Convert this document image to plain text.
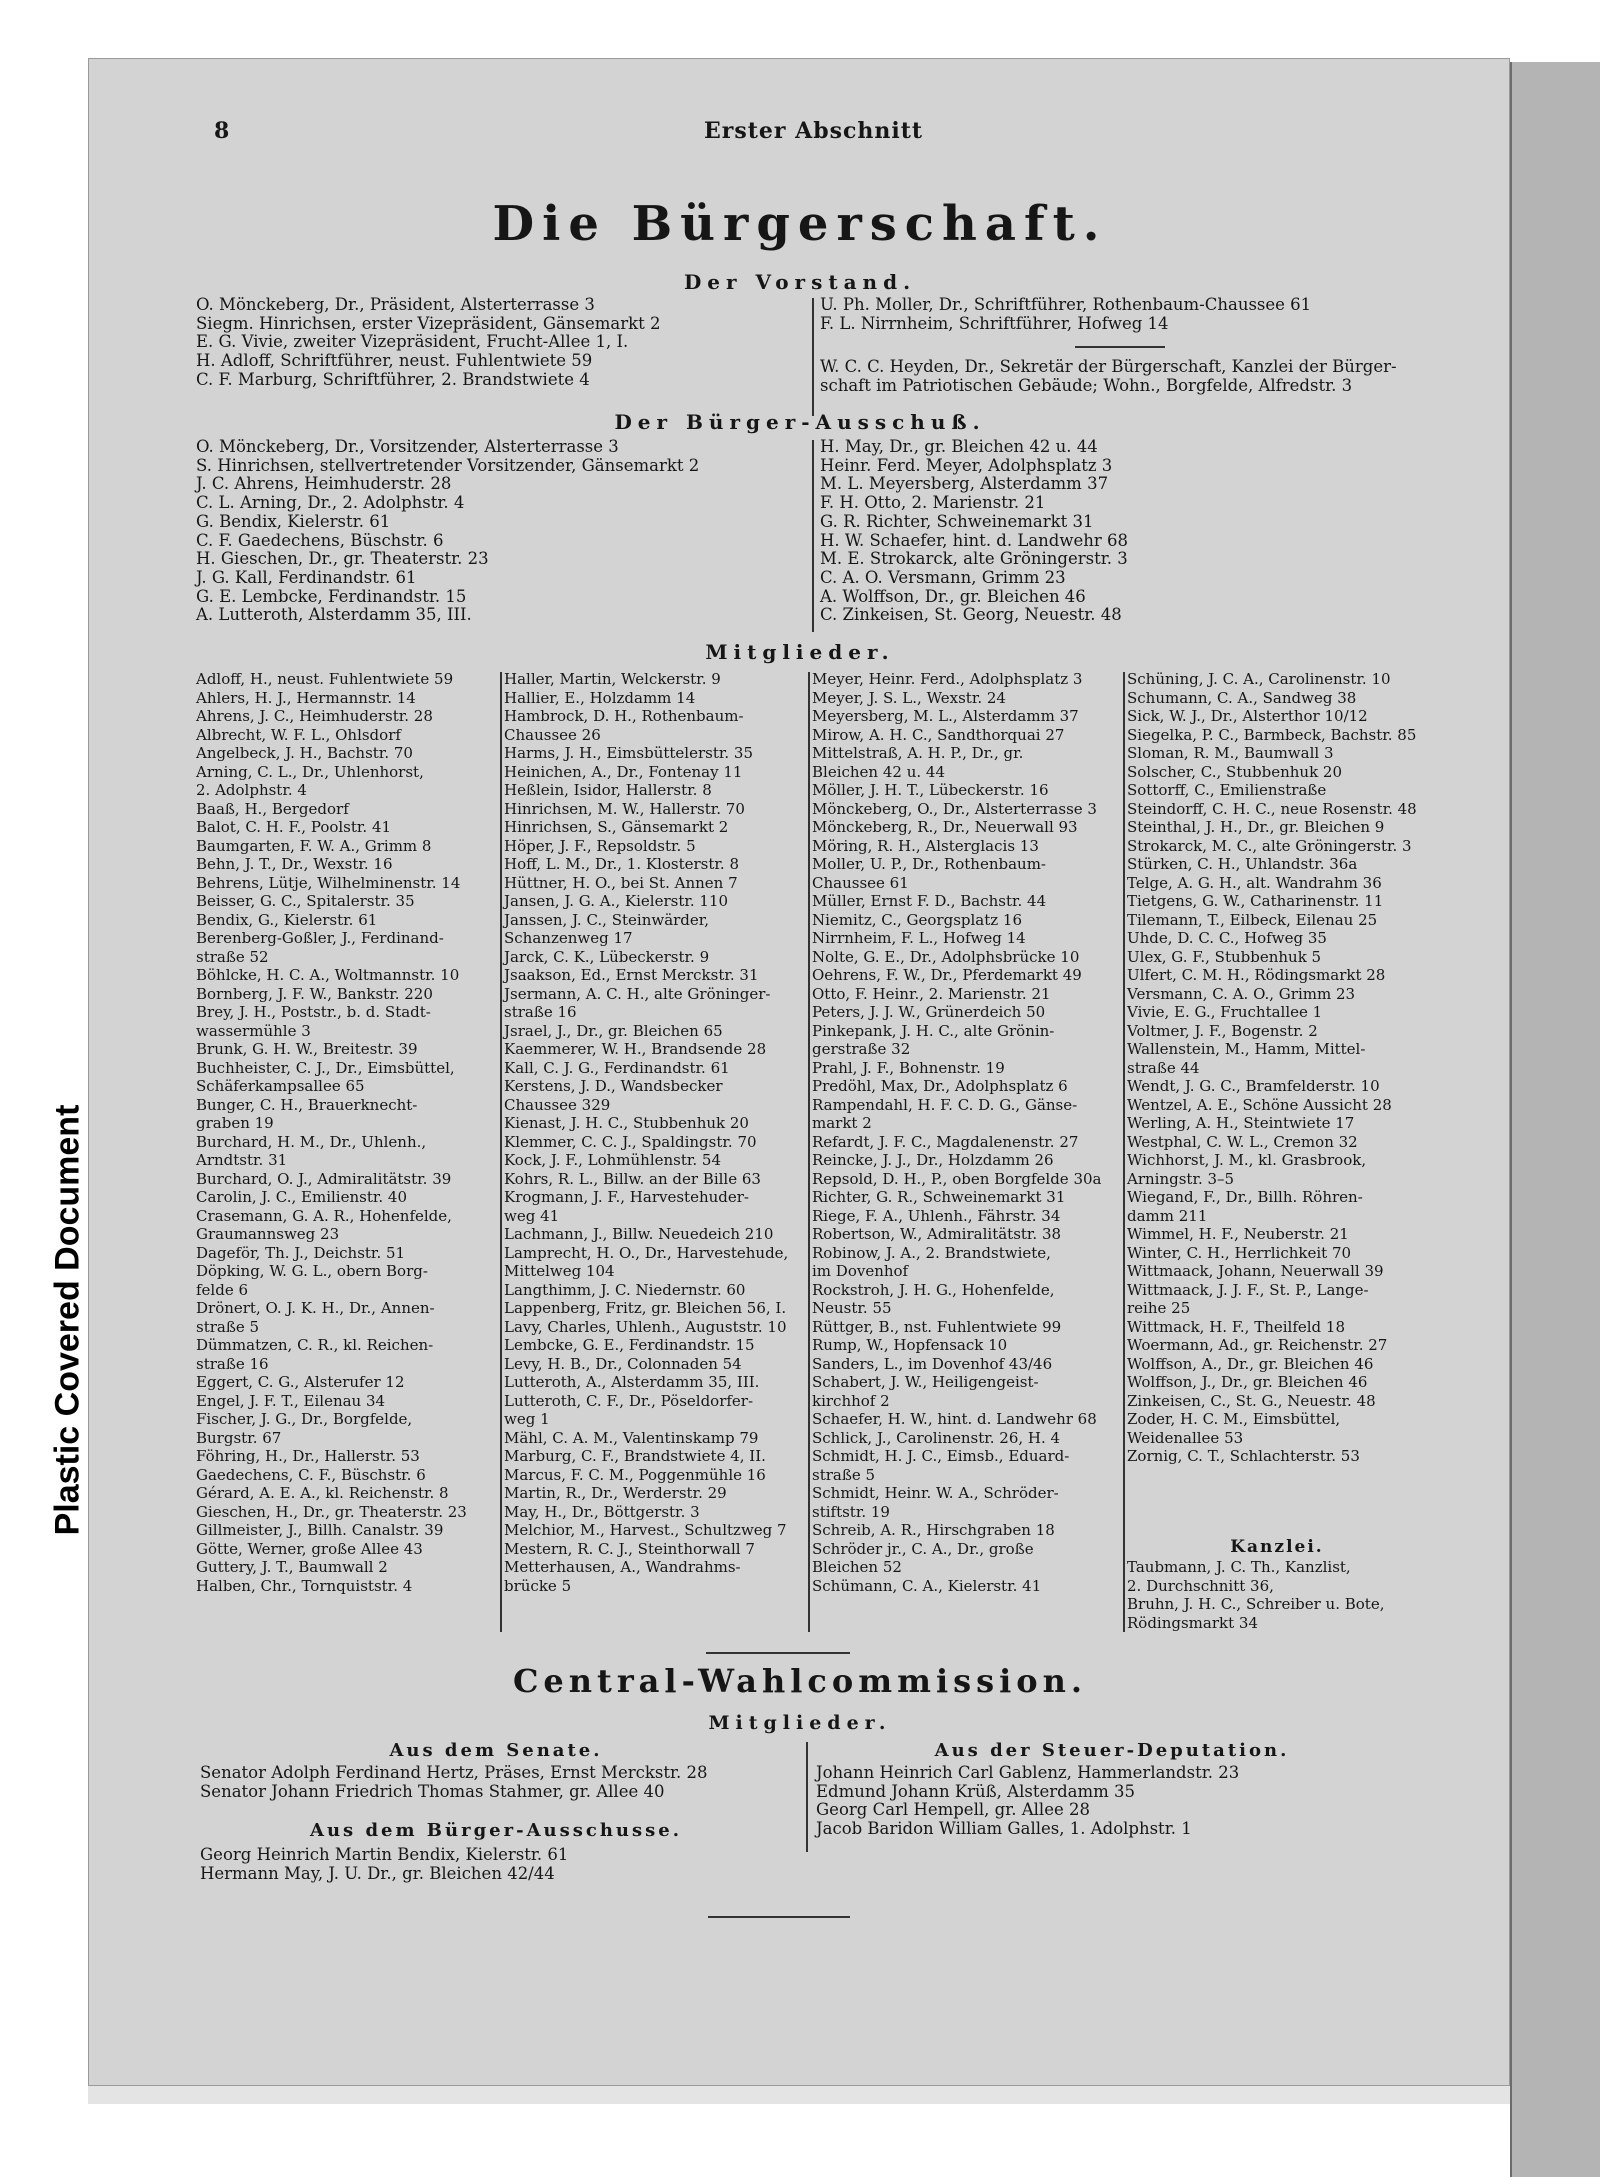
Plastic Covered Document
8	Erster Abschnitt
Die Bürgerschaft.
Der Vorstand.
O. Mönckeberg, Dr., Präsident, Alsterterrasse 3
Siegm. Hinrichsen, erster Vizepräsident, Gänsemarkt 2
E. G. Vivie, zweiter Vizepräsident, Frucht-Allee 1, I.
H. Adloff, Schriftführer, neust. Fuhlentwiete 59
C. F. Marburg, Schriftführer, 2. Brandstwiete 4
U. Ph. Moller, Dr., Schriftführer, Rothenbaum-Chaussee 61
F. L. Nirrnheim, Schriftführer, Hofweg 14
W. C. C. Heyden, Dr., Sekretär der Bürgerschaft, Kanzlei der Bürger-
schaft im Patriotischen Gebäude; Wohn., Borgfelde, Alfredstr. 3
Der Bürger-Ausschuß.
O. Mönckeberg, Dr., Vorsitzender, Alsterterrasse 3
S. Hinrichsen, stellvertretender Vorsitzender, Gänsemarkt 2
J. C. Ahrens, Heimhuderstr. 28
C. L. Arning, Dr., 2. Adolphstr. 4
G. Bendix, Kielerstr. 61
C. F. Gaedechens, Büschstr. 6
H. Gieschen, Dr., gr. Theaterstr. 23
J. G. Kall, Ferdinandstr. 61
G. E. Lembcke, Ferdinandstr. 15
A. Lutteroth, Alsterdamm 35, III.
H. May, Dr., gr. Bleichen 42 u. 44
Heinr. Ferd. Meyer, Adolphsplatz 3
M. L. Meyersberg, Alsterdamm 37
F. H. Otto, 2. Marienstr. 21
G. R. Richter, Schweinemarkt 31
H. W. Schaefer, hint. d. Landwehr 68
M. E. Strokarck, alte Gröningerstr. 3
C. A. O. Versmann, Grimm 23
A. Wolffson, Dr., gr. Bleichen 46
C. Zinkeisen, St. Georg, Neuestr. 48
Mitglieder.
Adloff, H., neust. Fuhlentwiete 59
Ahlers, H. J., Hermannstr. 14
Ahrens, J. C., Heimhuderstr. 28
Albrecht, W. F. L., Ohlsdorf
Angelbeck, J. H., Bachstr. 70
Arning, C. L., Dr., Uhlenhorst,
2. Adolphstr. 4
Baaß, H., Bergedorf
Balot, C. H. F., Poolstr. 41
Baumgarten, F. W. A., Grimm 8
Behn, J. T., Dr., Wexstr. 16
Behrens, Lütje, Wilhelminenstr. 14
Beisser, G. C., Spitalerstr. 35
Bendix, G., Kielerstr. 61
Berenberg-Goßler, J., Ferdinand-
straße 52
Böhlcke, H. C. A., Woltmannstr. 10
Bornberg, J. F. W., Bankstr. 220
Brey, J. H., Poststr., b. d. Stadt-
wassermühle 3
Brunk, G. H. W., Breitestr. 39
Buchheister, C. J., Dr., Eimsbüttel,
Schäferkampsallee 65
Bunger, C. H., Brauerknecht-
graben 19
Burchard, H. M., Dr., Uhlenh.,
Arndtstr. 31
Burchard, O. J., Admiralitätstr. 39
Carolin, J. C., Emilienstr. 40
Crasemann, G. A. R., Hohenfelde,
Graumannsweg 23
Dageför, Th. J., Deichstr. 51
Döpking, W. G. L., obern Borg-
felde 6
Drönert, O. J. K. H., Dr., Annen-
straße 5
Dümmatzen, C. R., kl. Reichen-
straße 16
Eggert, C. G., Alsterufer 12
Engel, J. F. T., Eilenau 34
Fischer, J. G., Dr., Borgfelde,
Burgstr. 67
Föhring, H., Dr., Hallerstr. 53
Gaedechens, C. F., Büschstr. 6
Gérard, A. E. A., kl. Reichenstr. 8
Gieschen, H., Dr., gr. Theaterstr. 23
Gillmeister, J., Billh. Canalstr. 39
Götte, Werner, große Allee 43
Guttery, J. T., Baumwall 2
Halben, Chr., Tornquiststr. 4
Haller, Martin, Welckerstr. 9
Hallier, E., Holzdamm 14
Hambrock, D. H., Rothenbaum-
Chaussee 26
Harms, J. H., Eimsbüttelerstr. 35
Heinichen, A., Dr., Fontenay 11
Heßlein, Isidor, Hallerstr. 8
Hinrichsen, M. W., Hallerstr. 70
Hinrichsen, S., Gänsemarkt 2
Höper, J. F., Repsoldstr. 5
Hoff, L. M., Dr., 1. Klosterstr. 8
Hüttner, H. O., bei St. Annen 7
Jansen, J. G. A., Kielerstr. 110
Janssen, J. C., Steinwärder,
Schanzenweg 17
Jarck, C. K., Lübeckerstr. 9
Jsaakson, Ed., Ernst Merckstr. 31
Jsermann, A. C. H., alte Gröninger-
straße 16
Jsrael, J., Dr., gr. Bleichen 65
Kaemmerer, W. H., Brandsende 28
Kall, C. J. G., Ferdinandstr. 61
Kerstens, J. D., Wandsbecker
Chaussee 329
Kienast, J. H. C., Stubbenhuk 20
Klemmer, C. C. J., Spaldingstr. 70
Kock, J. F., Lohmühlenstr. 54
Kohrs, R. L., Billw. an der Bille 63
Krogmann, J. F., Harvestehuder-
weg 41
Lachmann, J., Billw. Neuedeich 210
Lamprecht, H. O., Dr., Harvestehude,
Mittelweg 104
Langthimm, J. C. Niedernstr. 60
Lappenberg, Fritz, gr. Bleichen 56, I.
Lavy, Charles, Uhlenh., Auguststr. 10
Lembcke, G. E., Ferdinandstr. 15
Levy, H. B., Dr., Colonnaden 54
Lutteroth, A., Alsterdamm 35, III.
Lutteroth, C. F., Dr., Pöseldorfer-
weg 1
Mähl, C. A. M., Valentinskamp 79
Marburg, C. F., Brandstwiete 4, II.
Marcus, F. C. M., Poggenmühle 16
Martin, R., Dr., Werderstr. 29
May, H., Dr., Böttgerstr. 3
Melchior, M., Harvest., Schultzweg 7
Mestern, R. C. J., Steinthorwall 7
Metterhausen, A., Wandrahms-
brücke 5
Meyer, Heinr. Ferd., Adolphsplatz 3
Meyer, J. S. L., Wexstr. 24
Meyersberg, M. L., Alsterdamm 37
Mirow, A. H. C., Sandthorquai 27
Mittelstraß, A. H. P., Dr., gr.
Bleichen 42 u. 44
Möller, J. H. T., Lübeckerstr. 16
Mönckeberg, O., Dr., Alsterterrasse 3
Mönckeberg, R., Dr., Neuerwall 93
Möring, R. H., Alsterglacis 13
Moller, U. P., Dr., Rothenbaum-
Chaussee 61
Müller, Ernst F. D., Bachstr. 44
Niemitz, C., Georgsplatz 16
Nirrnheim, F. L., Hofweg 14
Nolte, G. E., Dr., Adolphsbrücke 10
Oehrens, F. W., Dr., Pferdemarkt 49
Otto, F. Heinr., 2. Marienstr. 21
Peters, J. J. W., Grünerdeich 50
Pinkepank, J. H. C., alte Grönin-
gerstraße 32
Prahl, J. F., Bohnenstr. 19
Predöhl, Max, Dr., Adolphsplatz 6
Rampendahl, H. F. C. D. G., Gänse-
markt 2
Refardt, J. F. C., Magdalenenstr. 27
Reincke, J. J., Dr., Holzdamm 26
Repsold, D. H., P., oben Borgfelde 30a
Richter, G. R., Schweinemarkt 31
Riege, F. A., Uhlenh., Fährstr. 34
Robertson, W., Admiralitätstr. 38
Robinow, J. A., 2. Brandstwiete,
im Dovenhof
Rockstroh, J. H. G., Hohenfelde,
Neustr. 55
Rüttger, B., nst. Fuhlentwiete 99
Rump, W., Hopfensack 10
Sanders, L., im Dovenhof 43/46
Schabert, J. W., Heiligengeist-
kirchhof 2
Schaefer, H. W., hint. d. Landwehr 68
Schlick, J., Carolinenstr. 26, H. 4
Schmidt, H. J. C., Eimsb., Eduard-
straße 5
Schmidt, Heinr. W. A., Schröder-
stiftstr. 19
Schreib, A. R., Hirschgraben 18
Schröder jr., C. A., Dr., große
Bleichen 52
Schümann, C. A., Kielerstr. 41
Schüning, J. C. A., Carolinenstr. 10
Schumann, C. A., Sandweg 38
Sick, W. J., Dr., Alsterthor 10/12
Siegelka, P. C., Barmbeck, Bachstr. 85
Sloman, R. M., Baumwall 3
Solscher, C., Stubbenhuk 20
Sottorff, C., Emilienstraße
Steindorff, C. H. C., neue Rosenstr. 48
Steinthal, J. H., Dr., gr. Bleichen 9
Strokarck, M. C., alte Gröningerstr. 3
Stürken, C. H., Uhlandstr. 36a
Telge, A. G. H., alt. Wandrahm 36
Tietgens, G. W., Catharinenstr. 11
Tilemann, T., Eilbeck, Eilenau 25
Uhde, D. C. C., Hofweg 35
Ulex, G. F., Stubbenhuk 5
Ulfert, C. M. H., Rödingsmarkt 28
Versmann, C. A. O., Grimm 23
Vivie, E. G., Fruchtallee 1
Voltmer, J. F., Bogenstr. 2
Wallenstein, M., Hamm, Mittel-
straße 44
Wendt, J. G. C., Bramfelderstr. 10
Wentzel, A. E., Schöne Aussicht 28
Werling, A. H., Steintwiete 17
Westphal, C. W. L., Cremon 32
Wichhorst, J. M., kl. Grasbrook,
Arningstr. 3–5
Wiegand, F., Dr., Billh. Röhren-
damm 211
Wimmel, H. F., Neuberstr. 21
Winter, C. H., Herrlichkeit 70
Wittmaack, Johann, Neuerwall 39
Wittmaack, J. J. F., St. P., Lange-
reihe 25
Wittmack, H. F., Theilfeld 18
Woermann, Ad., gr. Reichenstr. 27
Wolffson, A., Dr., gr. Bleichen 46
Wolffson, J., Dr., gr. Bleichen 46
Zinkeisen, C., St. G., Neuestr. 48
Zoder, H. C. M., Eimsbüttel,
Weidenallee 53
Zornig, C. T., Schlachterstr. 53
Kanzlei.
Taubmann, J. C. Th., Kanzlist,
2. Durchschnitt 36,
Bruhn, J. H. C., Schreiber u. Bote,
Rödingsmarkt 34
Central-Wahlcommission.
Mitglieder.
Aus dem Senate.
Senator Adolph Ferdinand Hertz, Präses, Ernst Merckstr. 28
Senator Johann Friedrich Thomas Stahmer, gr. Allee 40
Aus dem Bürger-Ausschusse.
Georg Heinrich Martin Bendix, Kielerstr. 61
Hermann May, J. U. Dr., gr. Bleichen 42/44
Aus der Steuer-Deputation.
Johann Heinrich Carl Gablenz, Hammerlandstr. 23
Edmund Johann Krüß, Alsterdamm 35
Georg Carl Hempell, gr. Allee 28
Jacob Baridon William Galles, 1. Adolphstr. 1
